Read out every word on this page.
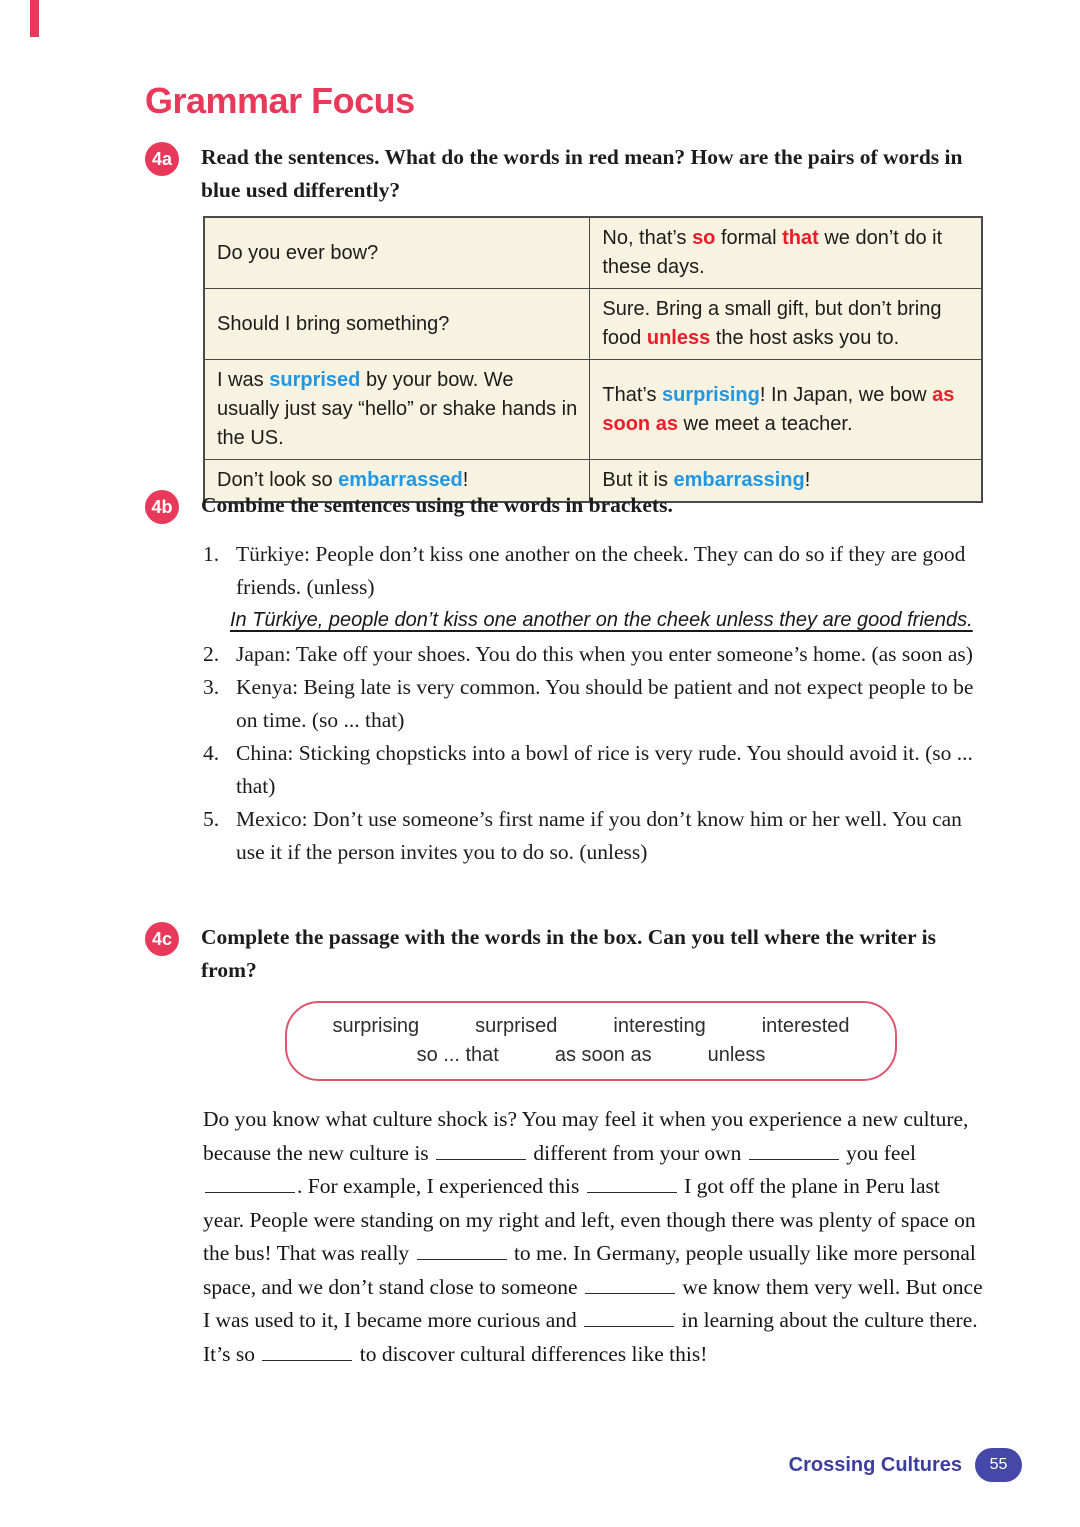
Grammar Focus
4a	Read the sentences. What do the words in red mean? How are the pairs of words in blue used differently?
Do you ever bow?	No, that’s so formal that we don’t do it these days.
Should I bring something?	Sure. Bring a small gift, but don’t bring food unless the host asks you to.
I was surprised by your bow. We usually just say “hello” or shake hands in the US.	That’s surprising! In Japan, we bow as soon as we meet a teacher.
Don’t look so embarrassed!	But it is embarrassing!
4b	Combine the sentences using the words in brackets.
1. Türkiye: People don’t kiss one another on the cheek. They can do so if they are good friends. (unless)
In Türkiye, people don’t kiss one another on the cheek unless they are good friends.
2. Japan: Take off your shoes. You do this when you enter someone’s home. (as soon as)
3. Kenya: Being late is very common. You should be patient and not expect people to be on time. (so ... that)
4. China: Sticking chopsticks into a bowl of rice is very rude. You should avoid it. (so ... that)
5. Mexico: Don’t use someone’s first name if you don’t know him or her well. You can use it if the person invites you to do so. (unless)
4c	Complete the passage with the words in the box. Can you tell where the writer is from?
surprising	surprised	interesting	interested
so ... that	as soon as	unless
Do you know what culture shock is? You may feel it when you experience a new culture, because the new culture is	different from your own	you feel . For example, I experienced this	I got off the plane in Peru last year. People were standing on my right and left, even though there was plenty of space on the bus! That was really	to me. In Germany, people usually like more personal space, and we don’t stand close to someone	we know them very well. But once I was used to it, I became more curious and	in learning about the culture there. It’s so	to discover cultural differences like this!
Crossing Cultures	55
